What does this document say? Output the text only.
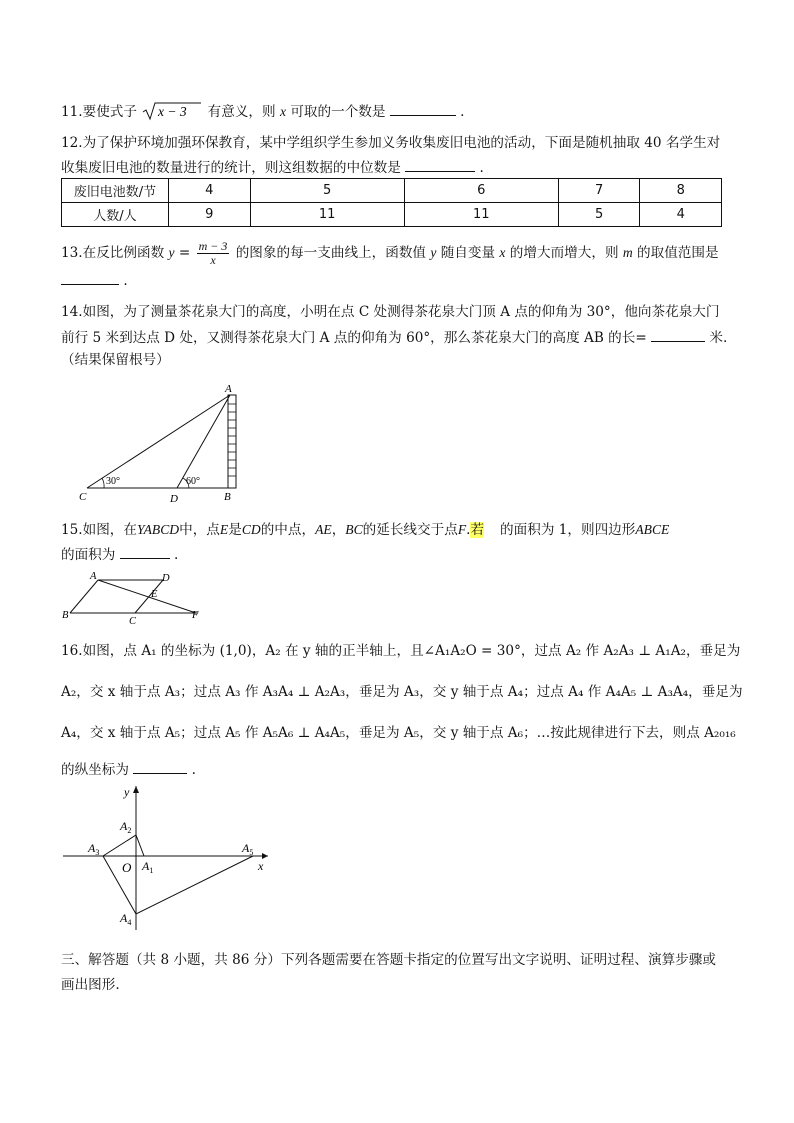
11.要使式子 x − 3 有意义，则 x 可取的一个数是	.
12.为了保护环境加强环保教育，某中学组织学生参加义务收集废旧电池的活动，下面是随机抽取 40 名学生对
收集废旧电池的数量进行的统计，则这组数据的中位数是	.
废旧电池数/节	4	5	6	7	8
人数/人	9	11	11	5	4
13.在反比例函数 $y = \frac{m - 3}{x}$ 的图象的每一支曲线上，函数值 y 随自变量 x 的增大而增大，则 m 的取值范围是
.
14.如图，为了测量茶花泉大门的高度，小明在点 C 处测得茶花泉大门顶 A 点的仰角为 30°，他向茶花泉大门
前行 5 米到达点 D 处，又测得茶花泉大门 A 点的仰角为 60°，那么茶花泉大门的高度 AB 的长=	米.
（结果保留根号）
30°	60°
A
B
C	D
15.如图，在YABCD中，点E是CD的中点，AE，BC的延长线交于点F.若 的面积为 1，则四边形ABCE
的面积为	.
A	D
E
B
C
F
16.如图，点 A₁ 的坐标为 (1,0)，A₂ 在 y 轴的正半轴上，且∠A₁A₂O = 30°，过点 A₂ 作 A₂A₃ ⊥ A₁A₂，垂足为
A₂，交 x 轴于点 A₃；过点 A₃ 作 A₃A₄ ⊥ A₂A₃，垂足为 A₃，交 y 轴于点 A₄；过点 A₄ 作 A₄A₅ ⊥ A₃A₄，垂足为
A₄，交 x 轴于点 A₅；过点 A₅ 作 A₅A₆ ⊥ A₄A₅，垂足为 A₅，交 y 轴于点 A₆；…按此规律进行下去，则点 A₂₀₁₆
的纵坐标为	.
y
x
O $A_1$
$A_2$
$A_3$
$A_4$
$A_5$
三、解答题（共 8 小题，共 86 分）下列各题需要在答题卡指定的位置写出文字说明、证明过程、演算步骤或
画出图形.
